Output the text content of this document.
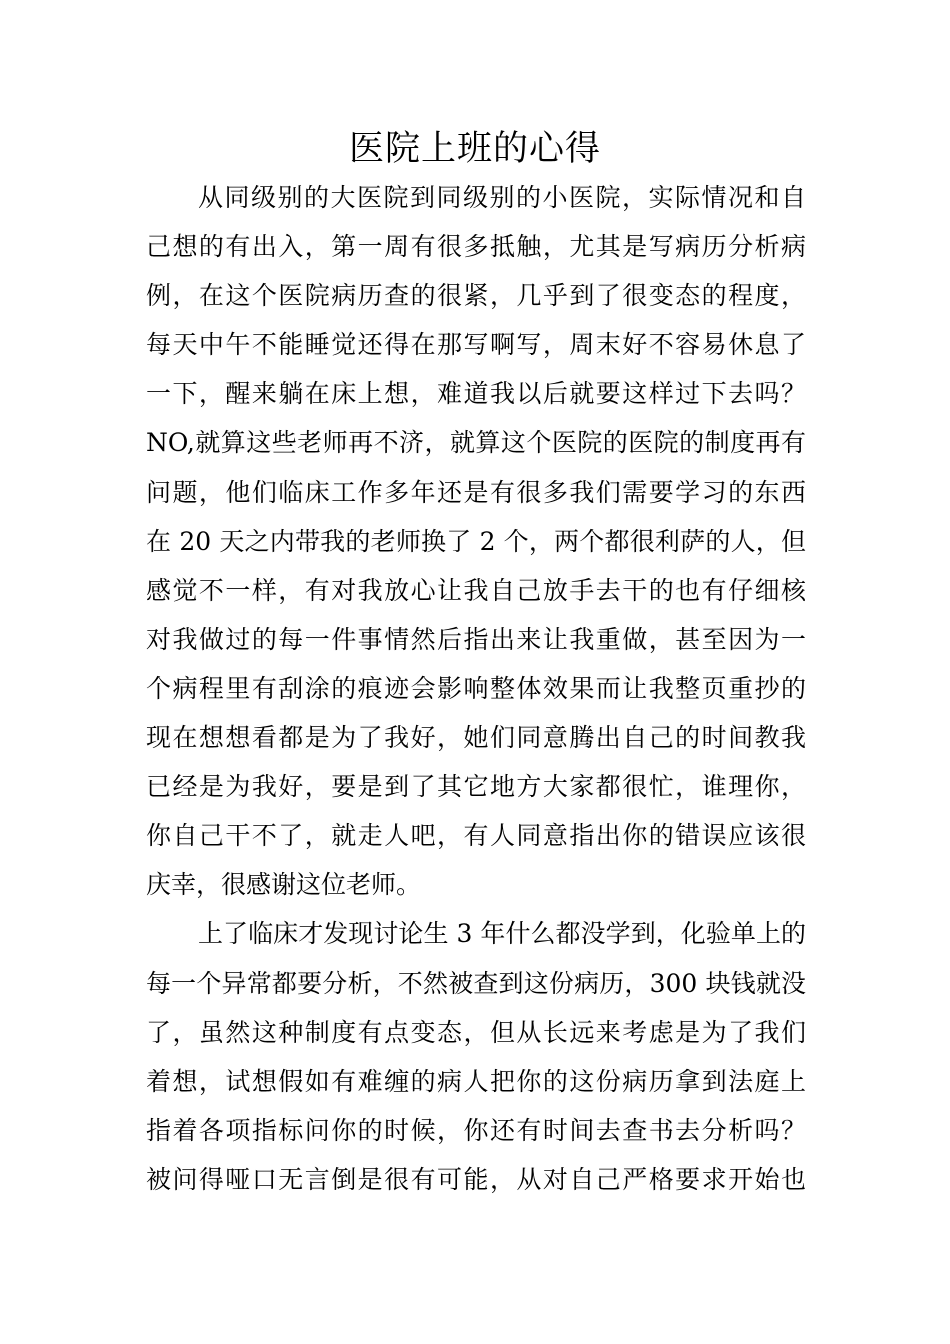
医院上班的心得
从同级别的大医院到同级别的小医院，实际情况和自
己想的有出入，第一周有很多抵触，尤其是写病历分析病
例，在这个医院病历查的很紧，几乎到了很变态的程度，
每天中午不能睡觉还得在那写啊写，周末好不容易休息了
一下，醒来躺在床上想，难道我以后就要这样过下去吗？
NO,就算这些老师再不济，就算这个医院的医院的制度再有
问题，他们临床工作多年还是有很多我们需要学习的东西
在 20 天之内带我的老师换了 2 个，两个都很利萨的人，但
感觉不一样，有对我放心让我自己放手去干的也有仔细核
对我做过的每一件事情然后指出来让我重做，甚至因为一
个病程里有刮涂的痕迹会影响整体效果而让我整页重抄的
现在想想看都是为了我好，她们同意腾出自己的时间教我
已经是为我好，要是到了其它地方大家都很忙，谁理你，
你自己干不了，就走人吧，有人同意指出你的错误应该很
庆幸，很感谢这位老师。
上了临床才发现讨论生 3 年什么都没学到，化验单上的
每一个异常都要分析，不然被查到这份病历，300 块钱就没
了，虽然这种制度有点变态，但从长远来考虑是为了我们
着想，试想假如有难缠的病人把你的这份病历拿到法庭上
指着各项指标问你的时候，你还有时间去查书去分析吗？
被问得哑口无言倒是很有可能，从对自己严格要求开始也
